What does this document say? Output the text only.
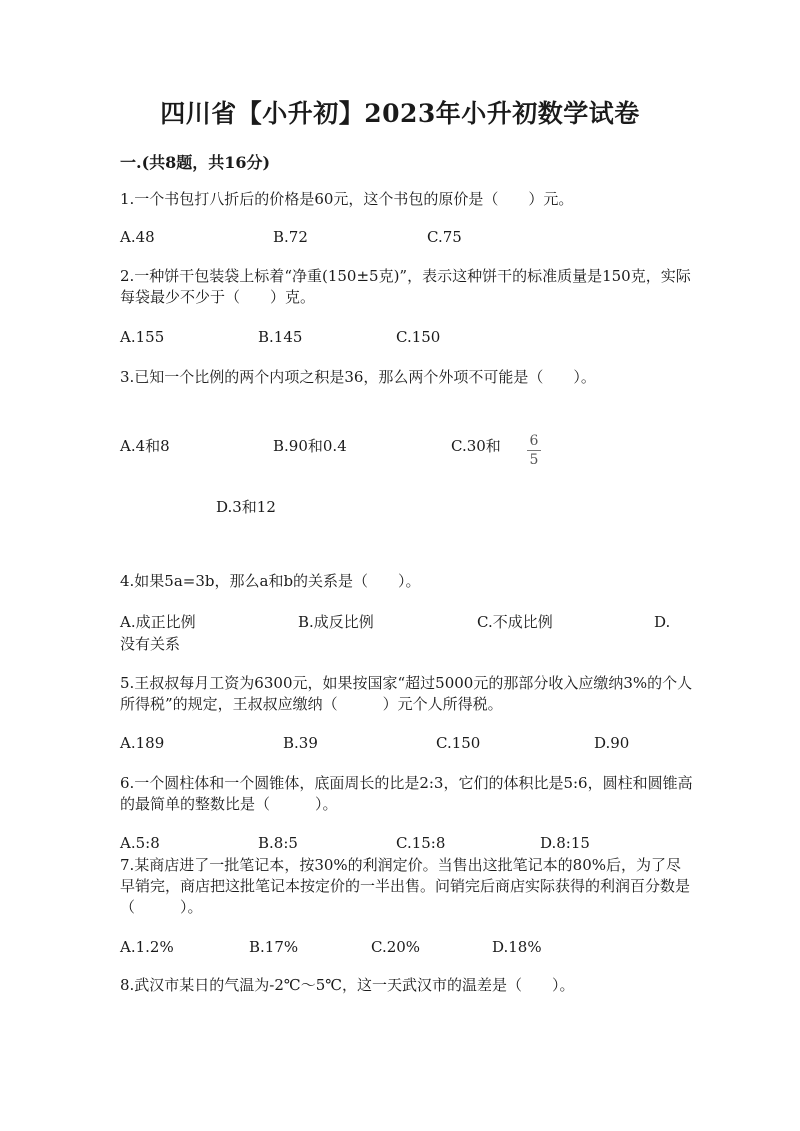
四川省【小升初】2023年小升初数学试卷
一.(共8题，共16分)
1.一个书包打八折后的价格是60元，这个书包的原价是（　　）元。
A.48	B.72	C.75
2.一种饼干包装袋上标着“净重(150±5克)”，表示这种饼干的标准质量是150克，实际每袋最少不少于（　　）克。
A.155	B.145	C.150
3.已知一个比例的两个内项之积是36，那么两个外项不可能是（　　）。
A.4和8	B.90和0.4	C.30和 6
5
D.3和12
4.如果5a=3b，那么a和b的关系是（　　）。
A.成正比例	B.成反比例	C.不成比例	D.
没有关系
5.王叔叔每月工资为6300元，如果按国家“超过5000元的那部分收入应缴纳3%的个人所得税”的规定，王叔叔应缴纳（　　　）元个人所得税。
A.189	B.39	C.150	D.90
6.一个圆柱体和一个圆锥体，底面周长的比是2:3，它们的体积比是5:6，圆柱和圆锥高的最简单的整数比是（　　　）。
A.5:8	B.8:5	C.15:8	D.8:15
7.某商店进了一批笔记本，按30%的利润定价。当售出这批笔记本的80%后，为了尽早销完，商店把这批笔记本按定价的一半出售。问销完后商店实际获得的利润百分数是（　　　）。
A.1.2%	B.17%	C.20%	D.18%
8.武汉市某日的气温为-2℃～5℃，这一天武汉市的温差是（　　）。
